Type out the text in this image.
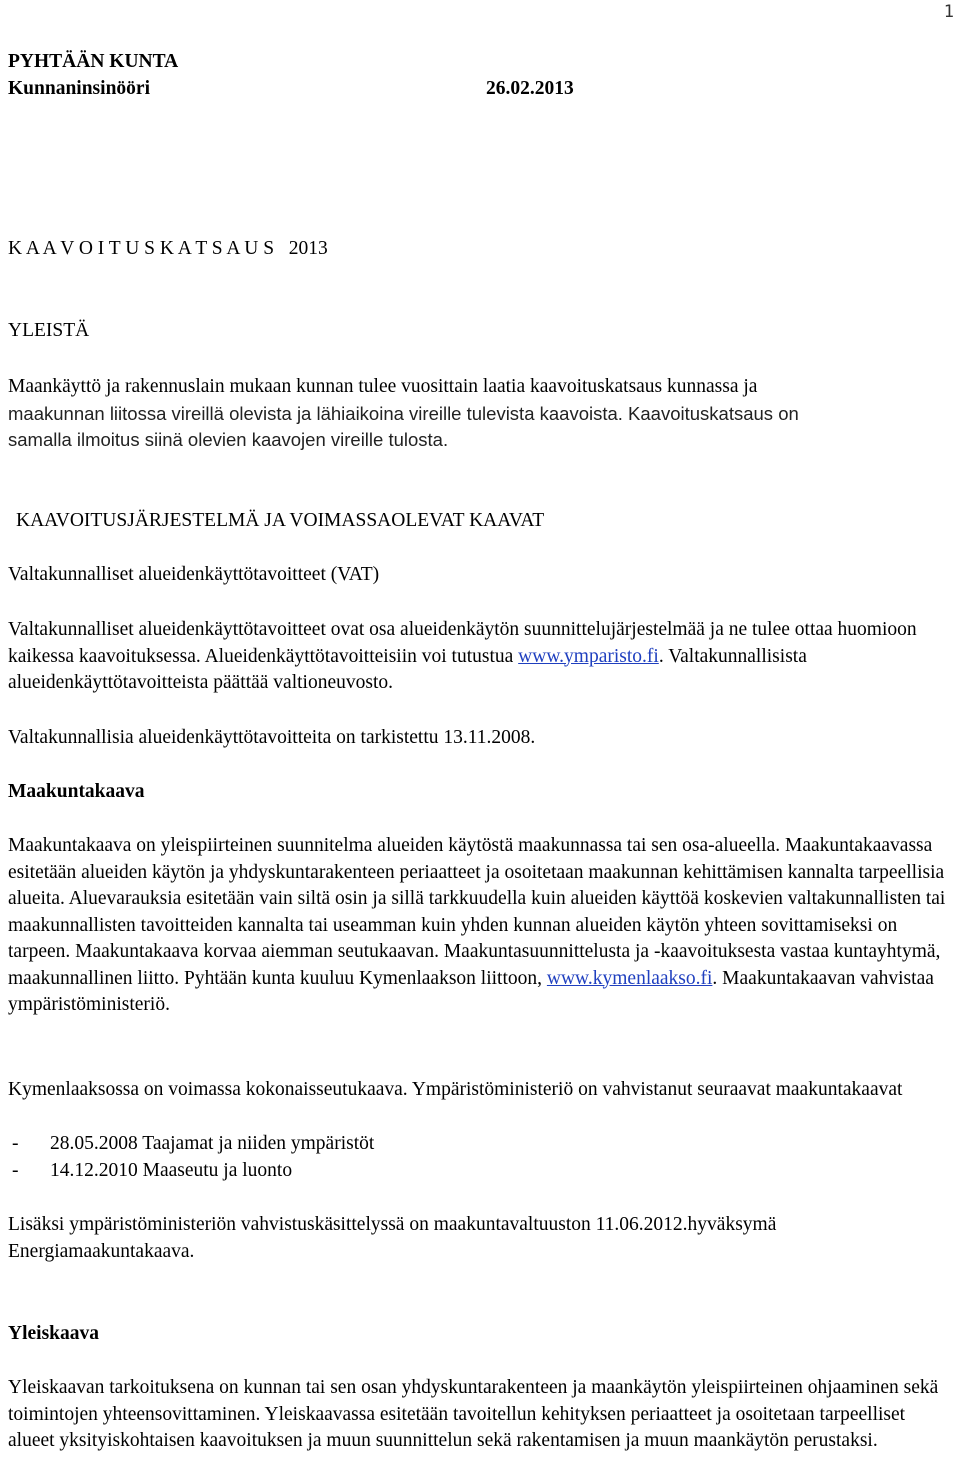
1
PYHTÄÄN KUNTA
Kunnaninsinööri	26.02.2013
K A A V O I T U S K A T S A U S   2013
YLEISTÄ
Maankäyttö ja rakennuslain mukaan kunnan tulee vuosittain laatia kaavoituskatsaus kunnassa ja
maakunnan liitossa vireillä olevista ja lähiaikoina vireille tulevista kaavoista. Kaavoituskatsaus on
samalla ilmoitus siinä olevien kaavojen vireille tulosta.
KAAVOITUSJÄRJESTELMÄ JA VOIMASSAOLEVAT KAAVAT
Valtakunnalliset alueidenkäyttötavoitteet (VAT)

Valtakunnalliset alueidenkäyttötavoitteet ovat osa alueidenkäytön suunnittelujärjestelmää ja ne tulee ottaa huomioon kaikessa kaavoituksessa. Alueidenkäyttötavoitteisiin voi tutustua www.ymparisto.fi. Valtakunnallisista alueidenkäyttötavoitteista päättää valtioneuvosto.

Valtakunnallisia alueidenkäyttötavoitteita on tarkistettu 13.11.2008.
Maakuntakaava

Maakuntakaava on yleispiirteinen suunnitelma alueiden käytöstä maakunnassa tai sen osa-alueella. Maakuntakaavassa esitetään alueiden käytön ja yhdyskuntarakenteen periaatteet ja osoitetaan maakunnan kehittämisen kannalta tarpeellisia alueita. Aluevarauksia esitetään vain siltä osin ja sillä tarkkuudella kuin alueiden käyttöä koskevien valtakunnallisten tai maakunnallisten tavoitteiden kannalta tai useamman kuin yhden kunnan alueiden käytön yhteen sovittamiseksi on tarpeen. Maakuntakaava korvaa aiemman seutukaavan. Maakuntasuunnittelusta ja -kaavoituksesta vastaa kuntayhtymä, maakunnallinen liitto. Pyhtään kunta kuuluu Kymenlaakson liittoon, www.kymenlaakso.fi. Maakuntakaavan vahvistaa ympäristöministeriö.

Kymenlaaksossa on voimassa kokonaisseutukaava. Ympäristöministeriö on vahvistanut seuraavat maakuntakaavat

- 28.05.2008 Taajamat ja niiden ympäristöt
- 14.12.2010 Maaseutu ja luonto

Lisäksi ympäristöministeriön vahvistuskäsittelyssä on maakuntavaltuuston 11.06.2012.hyväksymä Energiamaakuntakaava.

Yleiskaava

Yleiskaavan tarkoituksena on kunnan tai sen osan yhdyskuntarakenteen ja maankäytön yleispiirteinen ohjaaminen sekä toimintojen yhteensovittaminen. Yleiskaavassa esitetään tavoitellun kehityksen periaatteet ja osoitetaan tarpeelliset alueet yksityiskohtaisen kaavoituksen ja muun suunnittelun sekä rakentamisen ja muun maankäytön perustaksi.
